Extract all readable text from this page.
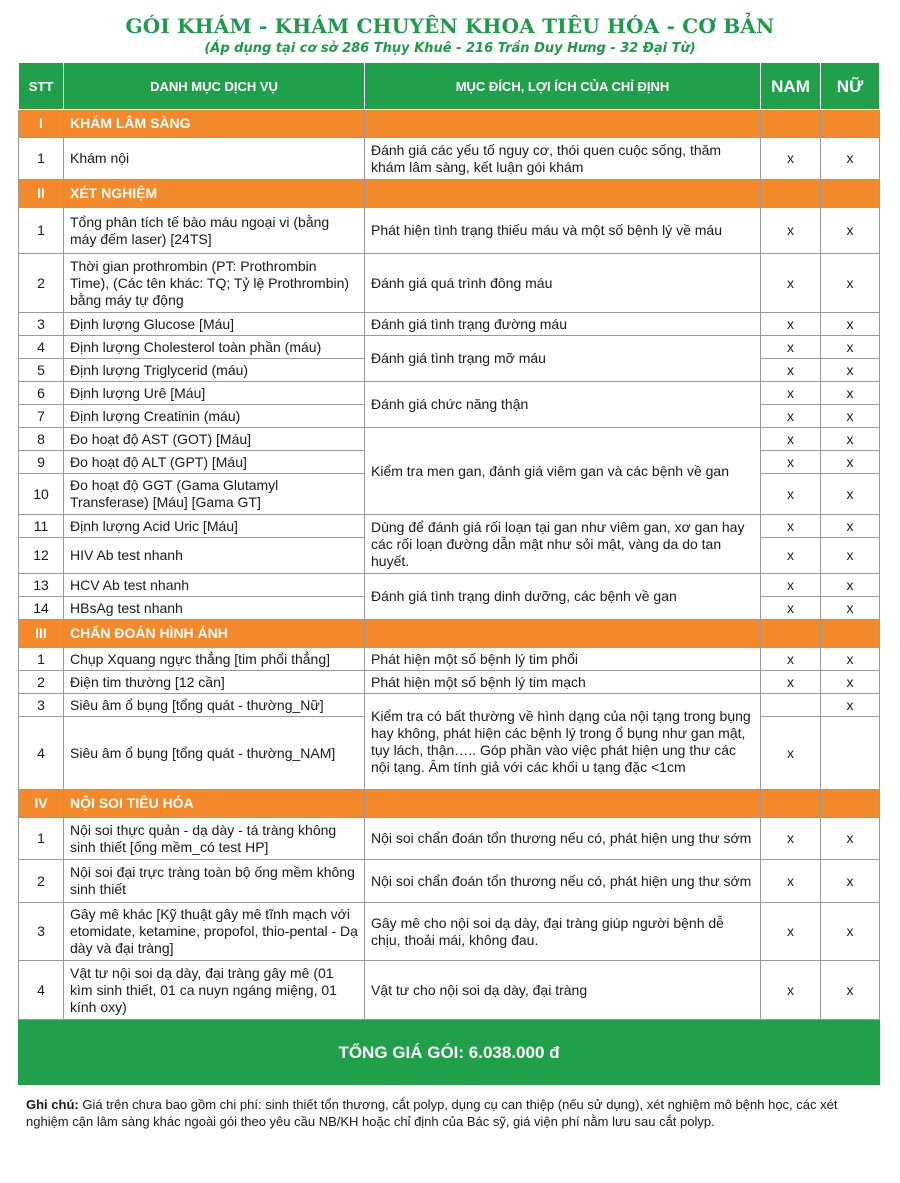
GÓI KHÁM - KHÁM CHUYÊN KHOA TIÊU HÓA - CƠ BẢN
(Áp dụng tại cơ sở 286 Thụy Khuê - 216 Trần Duy Hưng - 32 Đại Từ)
STT	DANH MỤC DỊCH VỤ	MỤC ĐÍCH, LỢI ÍCH CỦA CHỈ ĐỊNH	NAM	NỮ
I	KHÁM LÂM SÀNG			
1	Khám nội	Đánh giá các yếu tố nguy cơ, thói quen cuộc sống, thăm khám lâm sàng, kết luận gói khám	x	x
II	XÉT NGHIỆM			
1	Tổng phân tích tế bào máu ngoại vi (bằng máy đếm laser) [24TS]	Phát hiện tình trạng thiếu máu và một số bệnh lý về máu	x	x
2	Thời gian prothrombin (PT: Prothrombin Time), (Các tên khác: TQ; Tỷ lệ Prothrombin) bằng máy tự động	Đánh giá quá trình đông máu	x	x
3	Định lượng Glucose [Máu]	Đánh giá tình trạng đường máu	x	x
4	Định lượng Cholesterol toàn phần (máu)	Đánh giá tình trạng mỡ máu	x	x
5	Định lượng Triglycerid (máu)		x	x
6	Định lượng Urê [Máu]	Đánh giá chức năng thận	x	x
7	Định lượng Creatinin (máu)		x	x
8	Đo hoạt độ AST (GOT) [Máu]	Kiểm tra men gan, đánh giá viêm gan và các bệnh về gan	x	x
9	Đo hoạt độ ALT (GPT) [Máu]		x	x
10	Đo hoạt độ GGT (Gama Glutamyl Transferase) [Máu] [Gama GT]		x	x
11	Định lượng Acid Uric [Máu]	Dùng để đánh giá rối loạn tại gan như viêm gan, xơ gan hay các rối loạn đường dẫn mật như sỏi mật, vàng da do tan huyết.	x	x
12	HIV Ab test nhanh		x	x
13	HCV Ab test nhanh	Đánh giá tình trạng dinh dưỡng, các bệnh về gan	x	x
14	HBsAg test nhanh		x	x
III	CHẨN ĐOÁN HÌNH ẢNH			
1	Chụp Xquang ngực thẳng [tim phổi thẳng]	Phát hiện một số bệnh lý tim phổi	x	x
2	Điện tim thường [12 cần]	Phát hiện một số bệnh lý tim mạch	x	x
3	Siêu âm ổ bụng [tổng quát - thường_Nữ]	Kiểm tra có bất thường về hình dạng của nội tạng trong bụng hay không, phát hiện các bệnh lý trong ổ bụng như gan mật, tụy lách, thận….. Góp phần vào việc phát hiện ung thư các nội tạng. Âm tính giả với các khối u tạng đặc <1cm		x
4	Siêu âm ổ bụng [tổng quát - thường_NAM]		x	
IV	NỘI SOI TIÊU HÓA			
1	Nội soi thực quản - dạ dày - tá tràng không sinh thiết [ống mềm_có test HP]	Nội soi chẩn đoán tổn thương nếu có, phát hiện ung thư sớm	x	x
2	Nội soi đại trực tràng toàn bộ ống mềm không sinh thiết	Nội soi chẩn đoán tổn thương nếu có, phát hiện ung thư sớm	x	x
3	Gây mê khác [Kỹ thuật gây mê tĩnh mạch với etomidate, ketamine, propofol, thio-pental - Dạ dày và đại tràng]	Gây mê cho nội soi dạ dày, đại tràng giúp người bệnh dễ chịu, thoải mái, không đau.	x	x
4	Vật tư nội soi dạ dày, đại tràng gây mê (01 kìm sinh thiết, 01 ca nuyn ngáng miệng, 01 kính oxy)	Vật tư cho nội soi dạ dày, đại tràng	x	x
TỔNG GIÁ GÓI: 6.038.000 đ				
Ghi chú: Giá trên chưa bao gồm chi phí: sinh thiết tổn thương, cắt polyp, dụng cụ can thiệp (nếu sử dụng), xét nghiệm mô bệnh học, các xét nghiệm cận lâm sàng khác ngoài gói theo yêu cầu NB/KH hoặc chỉ định của Bác sỹ, giá viện phí nằm lưu sau cắt polyp.
